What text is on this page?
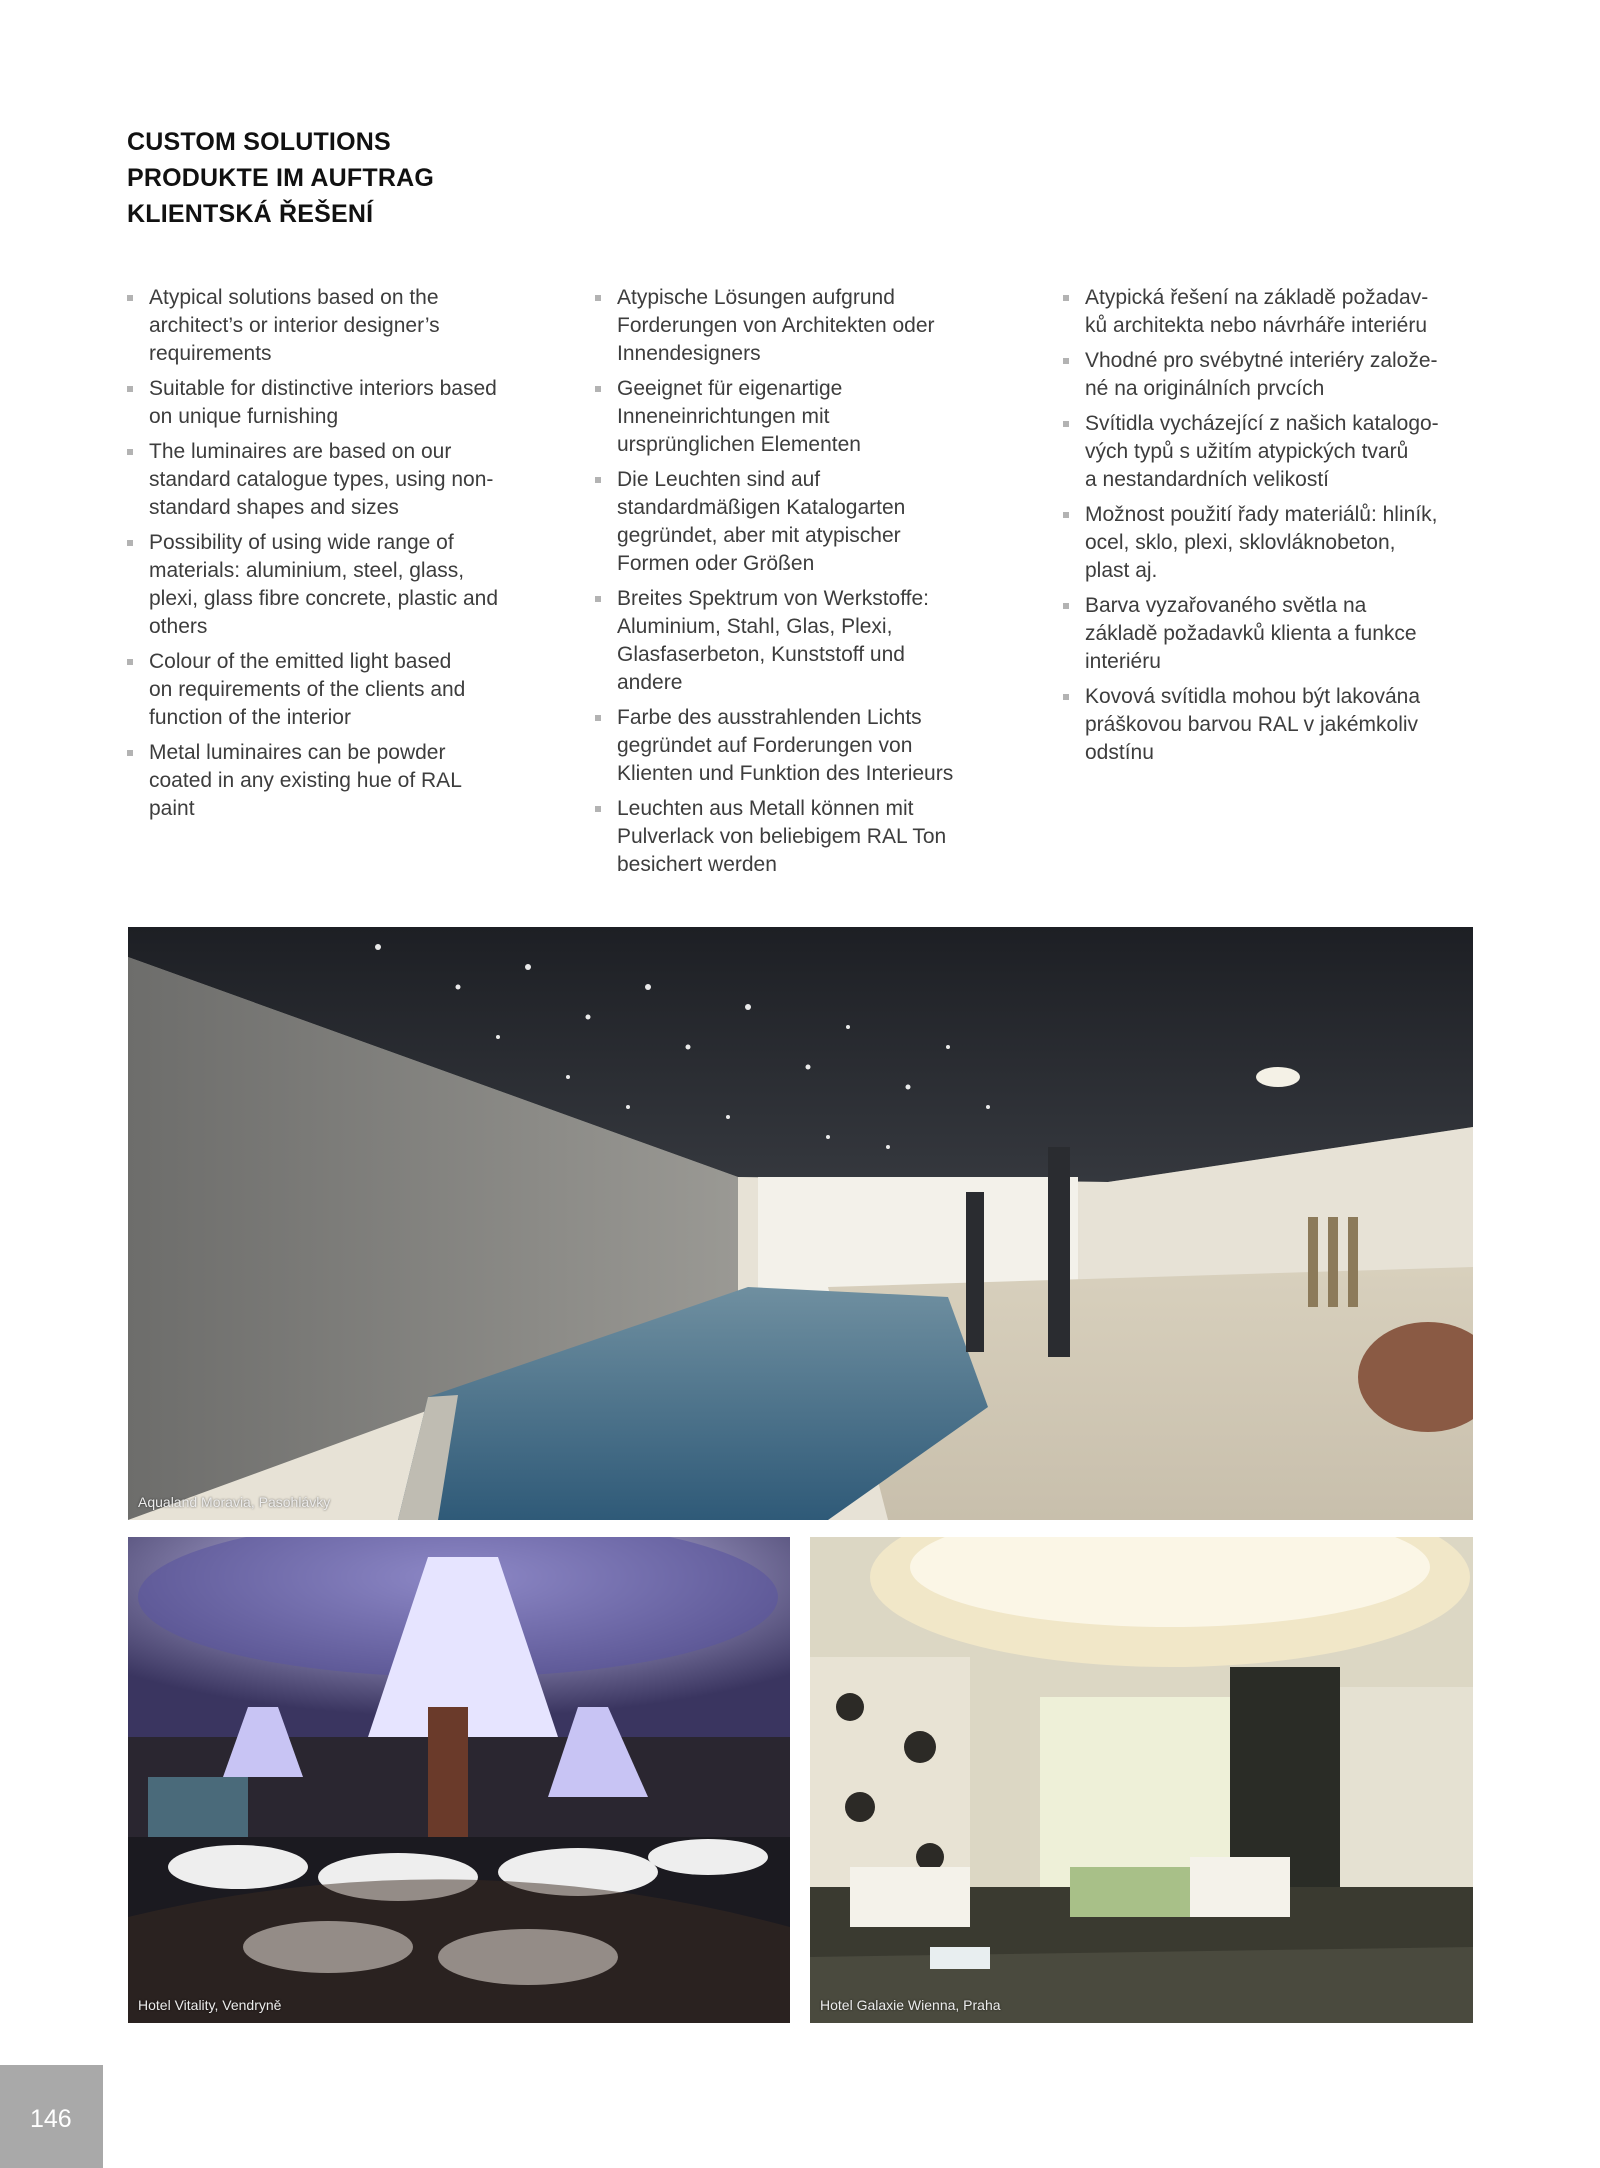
CUSTOM SOLUTIONS
PRODUKTE IM AUFTRAG
KLIENTSKÁ ŘEŠENÍ
Atypical solutions based on the
architect’s or interior designer’s
requirements
Suitable for distinctive interiors based
on unique furnishing
The luminaires are based on our
standard catalogue types, using non-
standard shapes and sizes
Possibility of using wide range of
materials: aluminium, steel, glass,
plexi, glass fibre concrete, plastic and
others
Colour of the emitted light based
on requirements of the clients and
function of the interior
Metal luminaires can be powder
coated in any existing hue of RAL
paint
Atypische Lösungen aufgrund
Forderungen von Architekten oder
Innendesigners
Geeignet für eigenartige
Inneneinrichtungen mit
ursprünglichen Elementen
Die Leuchten sind auf
standardmäßigen Katalogarten
gegründet, aber mit atypischer
Formen oder Größen
Breites Spektrum von Werkstoffe:
Aluminium, Stahl, Glas, Plexi,
Glasfaserbeton, Kunststoff und
andere
Farbe des ausstrahlenden Lichts
gegründet auf Forderungen von
Klienten und Funktion des Interieurs
Leuchten aus Metall können mit
Pulverlack von beliebigem RAL Ton
besichert werden
Atypická řešení na základě požadav-
ků architekta nebo návrháře interiéru
Vhodné pro svébytné interiéry založe-
né na originálních prvcích
Svítidla vycházející z našich katalogo-
vých typů s užitím atypických tvarů
a nestandardních velikostí
Možnost použití řady materiálů: hliník,
ocel, sklo, plexi, sklovláknobeton,
plast aj.
Barva vyzařovaného světla na
základě požadavků klienta a funkce
interiéru
Kovová svítidla mohou být lakována
práškovou barvou RAL v jakémkoliv
odstínu
Aqualand Moravia, Pasohlávky
Hotel Vitality, Vendryně	Hotel Galaxie Wienna, Praha
146
